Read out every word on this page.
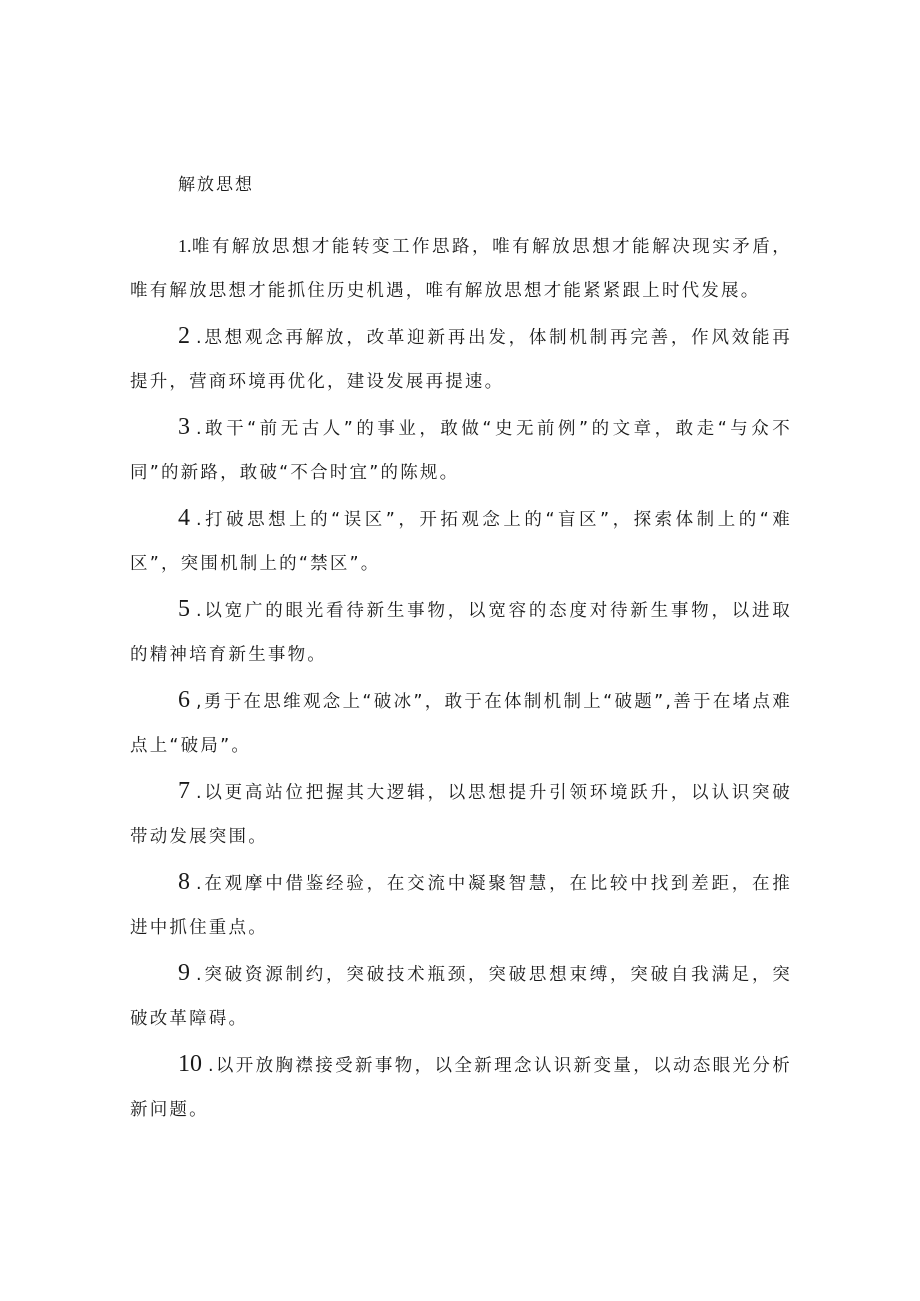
解放思想

1.唯有解放思想才能转变工作思路，唯有解放思想才能解决现实矛盾，唯有解放思想才能抓住历史机遇，唯有解放思想才能紧紧跟上时代发展。

2 .思想观念再解放，改革迎新再出发，体制机制再完善，作风效能再提升，营商环境再优化，建设发展再提速。

3 .敢干“前无古人”的事业，敢做“史无前例”的文章，敢走“与众不同”的新路，敢破“不合时宜”的陈规。

4 .打破思想上的“误区”，开拓观念上的“盲区”，探索体制上的“难区”，突围机制上的“禁区”。

5 .以宽广的眼光看待新生事物，以宽容的态度对待新生事物，以进取的精神培育新生事物。

6 ,勇于在思维观念上“破冰”，敢于在体制机制上“破题”,善于在堵点难点上“破局”。

7 .以更高站位把握其大逻辑，以思想提升引领环境跃升，以认识突破带动发展突围。

8 .在观摩中借鉴经验，在交流中凝聚智慧，在比较中找到差距，在推进中抓住重点。

9 .突破资源制约，突破技术瓶颈，突破思想束缚，突破自我满足，突破改革障碍。

10 .以开放胸襟接受新事物，以全新理念认识新变量，以动态眼光分析新问题。
